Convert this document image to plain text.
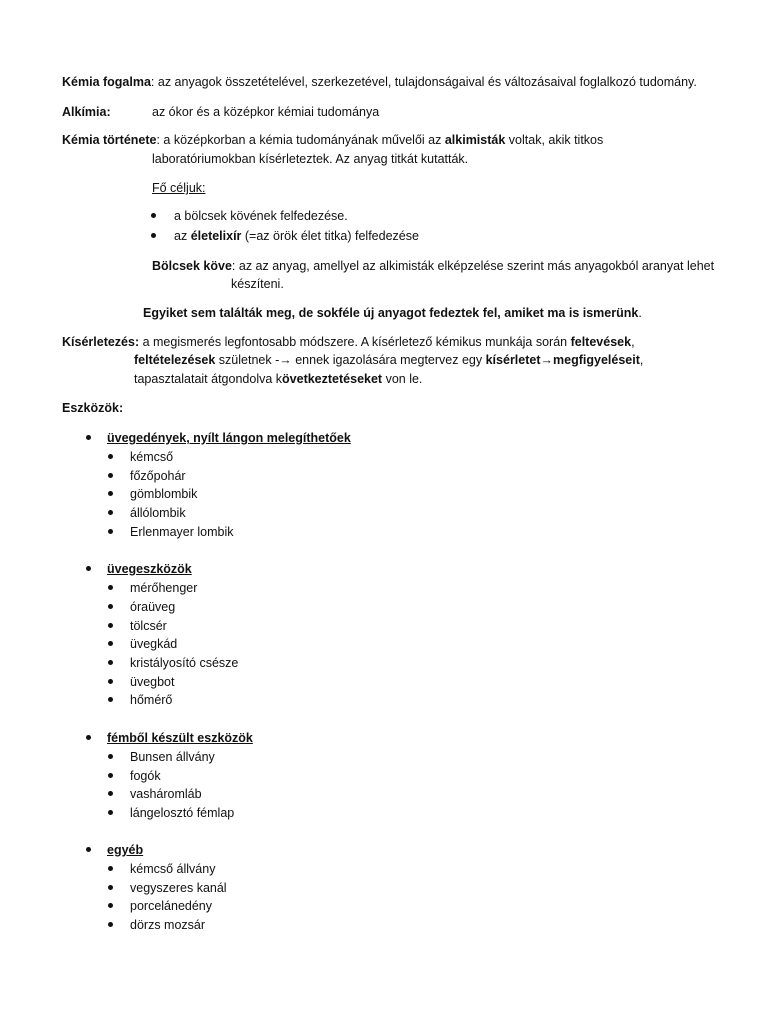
Kémia fogalma: az anyagok összetételével, szerkezetével, tulajdonságaival és változásaival foglalkozó tudomány.
Alkímia:	az ókor és a középkor kémiai tudománya
Kémia története: a középkorban a kémia tudományának művelői az alkimisták voltak, akik titkos
laboratóriumokban kísérleteztek. Az anyag titkát kutatták.
Fő céljuk:
a bölcsek kövének felfedezése.
az életelixír (=az örök élet titka) felfedezése
Bölcsek köve: az az anyag, amellyel az alkimisták elképzelése szerint más anyagokból aranyat lehet
készíteni.
Egyiket sem találták meg, de sokféle új anyagot fedeztek fel, amiket ma is ismerünk.
Kísérletezés: a megismerés legfontosabb módszere. A kísérletező kémikus munkája során feltevések,
feltételezések születnek -→ ennek igazolására megtervez egy kísérletet→megfigyeléseit,
tapasztalatait átgondolva következtetéseket von le.
Eszközök:
üvegedények, nyílt lángon melegíthetőek
kémcső
főzőpohár
gömblombik
állólombik
Erlenmayer lombik
üvegeszközök
mérőhenger
óraüveg
tölcsér
üvegkád
kristályosító csésze
üvegbot
hőmérő
fémből készült eszközök
Bunsen állvány
fogók
vasháromláb
lángelosztó fémlap
egyéb
kémcső állvány
vegyszeres kanál
porcelánedény
dörzs mozsár
